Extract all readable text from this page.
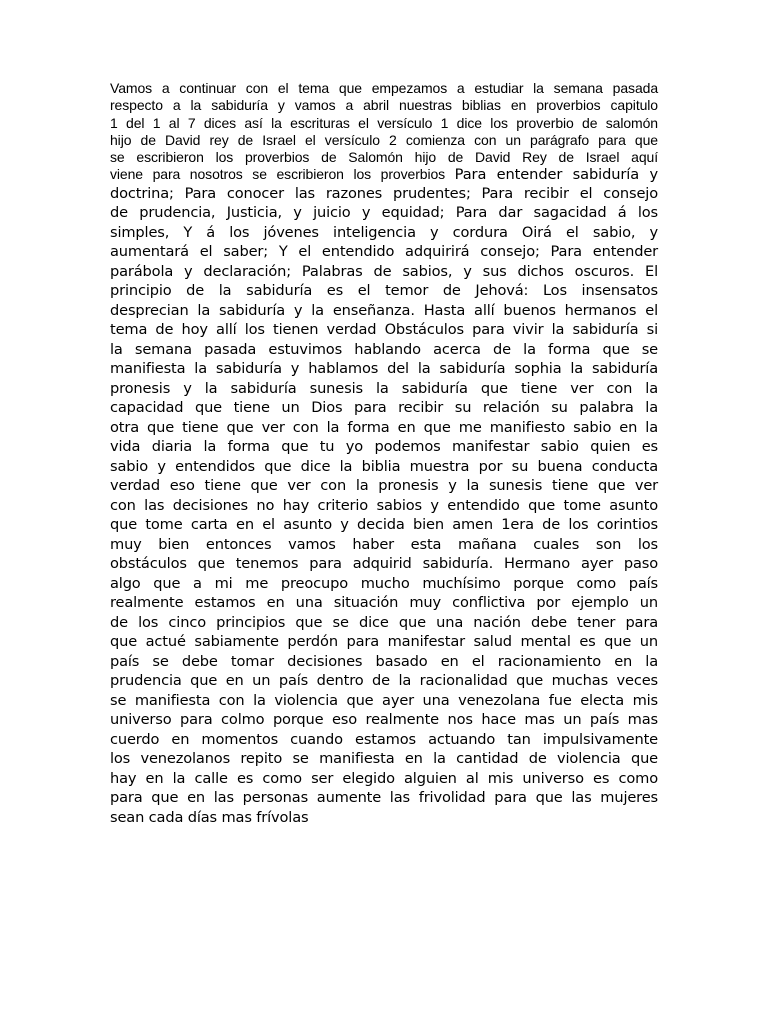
Vamos a continuar con el tema que empezamos a estudiar la semana pasada
respecto a la sabiduría y vamos a abril nuestras biblias en proverbios capitulo
1 del 1 al 7 dices así la escrituras el versículo 1 dice los proverbio de salomón
hijo de David rey de Israel el versículo 2 comienza con un parágrafo para que
se escribieron los proverbios de Salomón hijo de David Rey de Israel aquí
viene para nosotros se escribieron los proverbios Para entender sabiduría y
doctrina; Para conocer las razones prudentes; Para recibir el consejo
de prudencia, Justicia, y juicio y equidad; Para dar sagacidad á los
simples, Y á los jóvenes inteligencia y cordura Oirá el sabio, y
aumentará el saber; Y el entendido adquirirá consejo; Para entender
parábola y declaración; Palabras de sabios, y sus dichos oscuros. El
principio de la sabiduría es el temor de Jehová: Los insensatos
desprecian la sabiduría y la enseñanza. Hasta allí buenos hermanos el
tema de hoy allí los tienen verdad Obstáculos para vivir la sabiduría si
la semana pasada estuvimos hablando acerca de la forma que se
manifiesta la sabiduría y hablamos del la sabiduría sophia la sabiduría
pronesis y la sabiduría sunesis la sabiduría que tiene ver con la
capacidad que tiene un Dios para recibir su relación su palabra la
otra que tiene que ver con la forma en que me manifiesto sabio en la
vida diaria la forma que tu yo podemos manifestar sabio quien es
sabio y entendidos que dice la biblia muestra por su buena conducta
verdad eso tiene que ver con la pronesis y la sunesis tiene que ver
con las decisiones no hay criterio sabios y entendido que tome asunto
que tome carta en el asunto y decida bien amen 1era de los corintios
muy bien entonces vamos haber esta mañana cuales son los
obstáculos que tenemos para adquirid sabiduría. Hermano ayer paso
algo que a mi me preocupo mucho muchísimo porque como país
realmente estamos en una situación muy conflictiva por ejemplo un
de los cinco principios que se dice que una nación debe tener para
que actué sabiamente perdón para manifestar salud mental es que un
país se debe tomar decisiones basado en el racionamiento en la
prudencia que en un país dentro de la racionalidad que muchas veces
se manifiesta con la violencia que ayer una venezolana fue electa mis
universo para colmo porque eso realmente nos hace mas un país mas
cuerdo en momentos cuando estamos actuando tan impulsivamente
los venezolanos repito se manifiesta en la cantidad de violencia que
hay en la calle es como ser elegido alguien al mis universo es como
para que en las personas aumente las frivolidad para que las mujeres
sean cada días mas frívolas
